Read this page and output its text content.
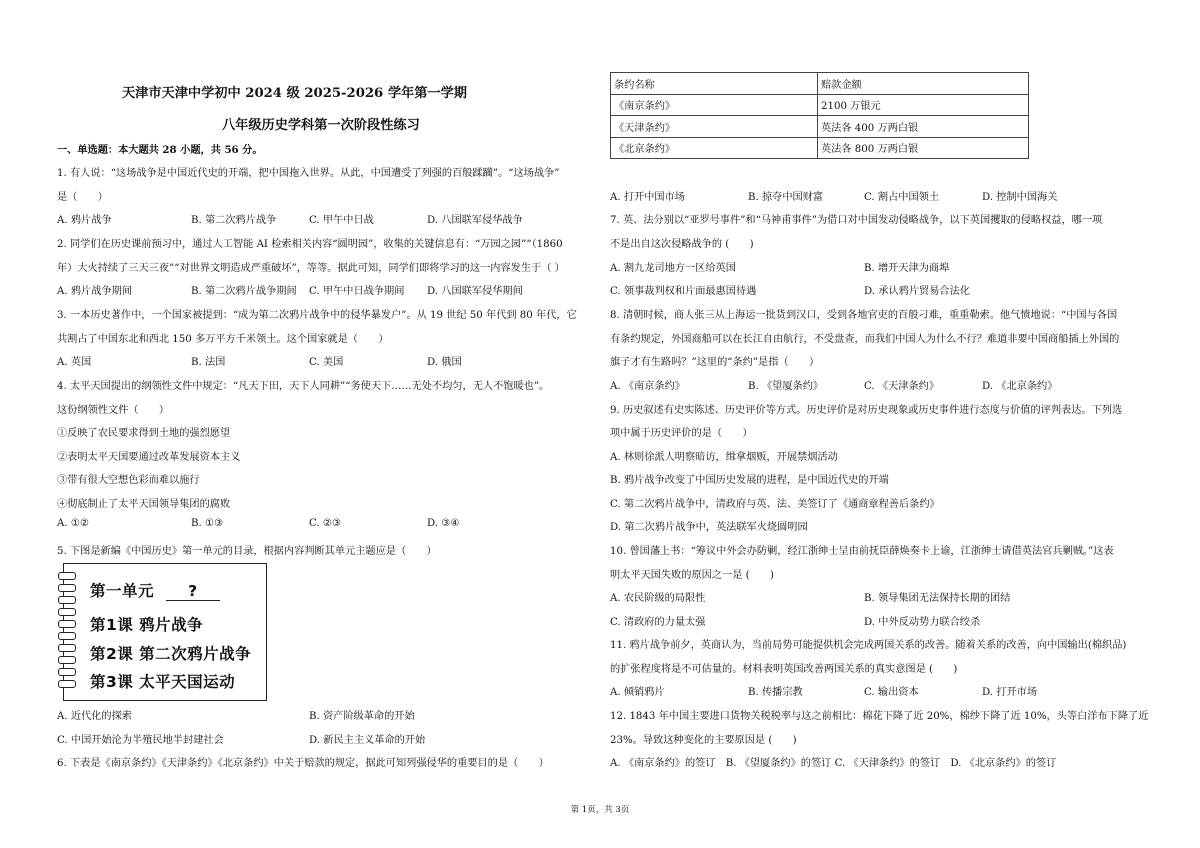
天津市天津中学初中 2024 级 2025-2026 学年第一学期
八年级历史学科第一次阶段性练习
一、单选题：本大题共 28 小题，共 56 分。
1. 有人说：“这场战争是中国近代史的开端，把中国拖入世界。从此，中国遭受了列强的百般蹂躏”。“这场战争”
是（　　）
A. 鸦片战争	B. 第二次鸦片战争	C. 甲午中日战	D. 八国联军侵华战争
2. 同学们在历史课前预习中，通过人工智能 AI 检索相关内容“圆明园”，收集的关键信息有：“万园之园”“（1860
年）大火持续了三天三夜”“对世界文明造成严重破坏”，等等。据此可知，同学们即将学习的这一内容发生于（ ）
A. 鸦片战争期间	B. 第二次鸦片战争期间 C. 甲午中日战争期间 D. 八国联军侵华期间
3. 一本历史著作中，一个国家被提到：“成为第二次鸦片战争中的侵华暴发户”。从 19 世纪 50 年代到 80 年代，它
共割占了中国东北和西北 150 多万平方千米领土。这个国家就是（　　）
A. 英国	B. 法国	C. 美国	D. 俄国
4. 太平天国提出的纲领性文件中规定：“凡天下田，天下人同耕”“务使天下……无处不均匀，无人不饱暖也”。
这份纲领性文件（　　）
①反映了农民要求得到土地的强烈愿望
②表明太平天国要通过改革发展资本主义
③带有很大空想色彩而难以施行
④彻底制止了太平天国领导集团的腐败
A. ①②	B. ①③	C. ②③	D. ③④
5. 下图是新编《中国历史》第一单元的目录，根据内容判断其单元主题应是（　　）
第一单元 ?
第1课 鸦片战争
第2课 第二次鸦片战争
第3课 太平天国运动
A. 近代化的探索	B. 资产阶级革命的开始
C. 中国开始沦为半殖民地半封建社会	D. 新民主主义革命的开始
6. 下表是《南京条约》《天津条约》《北京条约》中关于赔款的规定，据此可知列强侵华的重要目的是（　　）
条约名称	赔款金额
《南京条约》	2100 万银元
《天津条约》	英法各 400 万两白银
《北京条约》	英法各 800 万两白银
A. 打开中国市场	B. 掠夺中国财富	C. 割占中国领土	D. 控制中国海关
7. 英、法分别以“亚罗号事件”和“马神甫事件”为借口对中国发动侵略战争，以下英国攫取的侵略权益，哪一项
不是出自这次侵略战争的 (　　)
A. 割九龙司地方一区给英国	B. 增开天津为商埠
C. 领事裁判权和片面最惠国待遇	D. 承认鸦片贸易合法化
8. 清朝时候，商人张三从上海运一批货到汉口，受到各地官吏的百般刁难，重重勒索。他气愤地说：“中国与各国
有条约规定，外国商船可以在长江自由航行，不受盘查，而我们中国人为什么不行？难道非要中国商船插上外国的
旗子才有生路吗？”这里的“条约”是指（　　）
A. 《南京条约》	B. 《望厦条约》	C. 《天津条约》	D. 《北京条约》
9. 历史叙述有史实陈述、历史评价等方式。历史评价是对历史现象或历史事件进行态度与价值的评判表达。下列选
项中属于历史评价的是（　　）
A. 林则徐派人明察暗访，缉拿烟贩，开展禁烟活动
B. 鸦片战争改变了中国历史发展的进程，是中国近代史的开端
C. 第二次鸦片战争中，清政府与英、法、美签订了《通商章程善后条约》
D. 第二次鸦片战争中，英法联军火烧圆明园
10. 曾国藩上书：“筹议中外会办防剿，经江浙绅士呈由前抚臣薛焕奏卡上谕，江浙绅士请借英法官兵剿贼。”这表
明太平天国失败的原因之一是 (　　)
A. 农民阶级的局限性	B. 领导集团无法保持长期的团结
C. 清政府的力量太强	D. 中外反动势力联合绞杀
11. 鸦片战争前夕，英商认为，当前局势可能提供机会完成两国关系的改善。随着关系的改善，向中国输出(棉织品)
的扩张程度将是不可估量的。材料表明英国改善两国关系的真实意图是 (　　)
A. 倾销鸦片	B. 传播宗教	C. 输出资本	D. 打开市场
12. 1843 年中国主要进口货物关税税率与这之前相比：棉花下降了近 20%，棉纱下降了近 10%，头等白洋布下降了近
23%。导致这种变化的主要原因是 (　　)
A. 《南京条约》的签订　B. 《望厦条约》的签订 C. 《天津条约》的签订　D. 《北京条约》的签订
第 1页，共 3页
